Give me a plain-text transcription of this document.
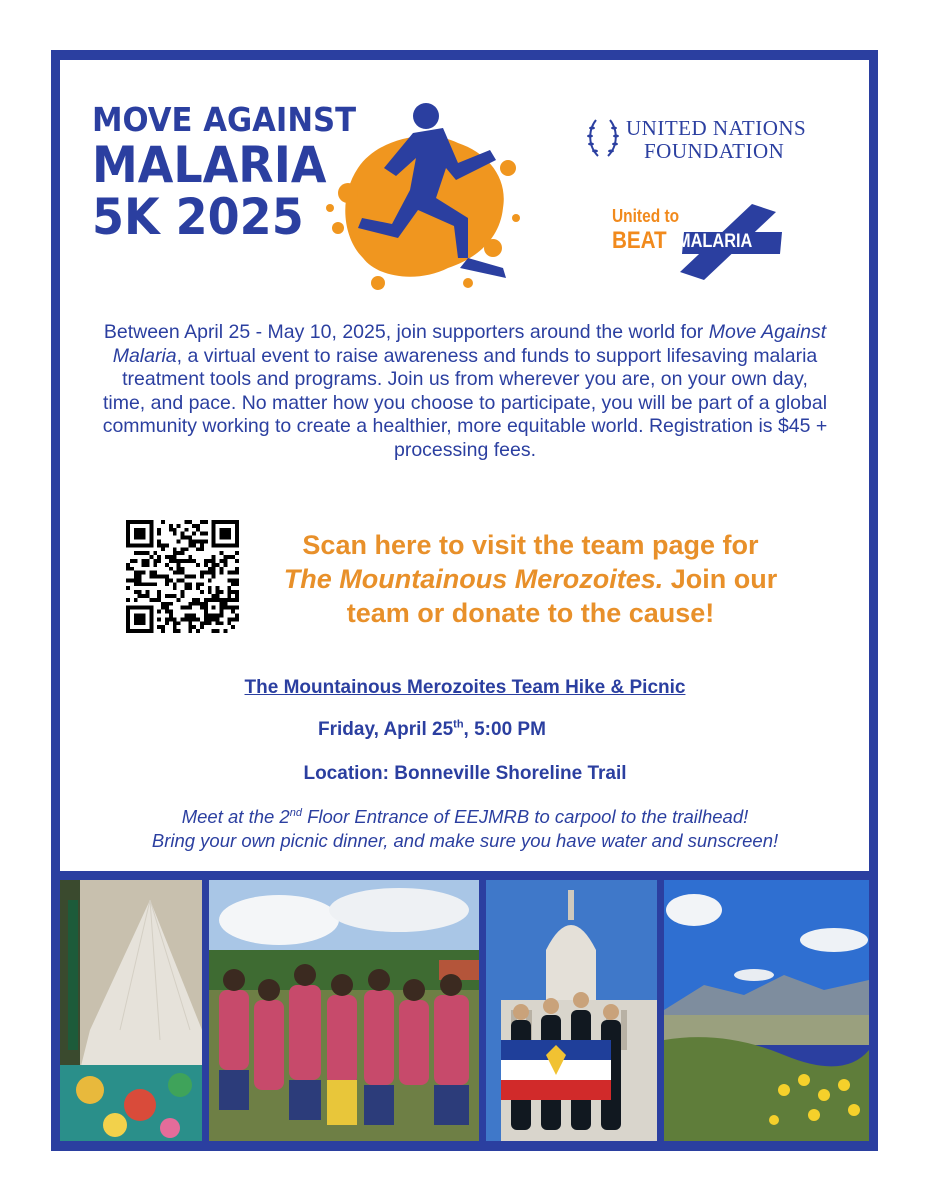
MOVE AGAINST
MALARIA
5K 2025
UNITED NATIONS
FOUNDATION
United to
BEAT MALARIA

Between April 25 - May 10, 2025, join supporters around the world for Move Against Malaria, a virtual event to raise awareness and funds to support lifesaving malaria treatment tools and programs. Join us from wherever you are, on your own day, time, and pace. No matter how you choose to participate, you will be part of a global community working to create a healthier, more equitable world. Registration is $45 + processing fees.

Scan here to visit the team page for
The Mountainous Merozoites. Join our team or donate to the cause!
The Mountainous Merozoites Team Hike & Picnic
Friday, April 25th, 5:00 PM
Location: Bonneville Shoreline Trail
Meet at the 2nd Floor Entrance of EEJMRB to carpool to the trailhead!
Bring your own picnic dinner, and make sure you have water and sunscreen!
